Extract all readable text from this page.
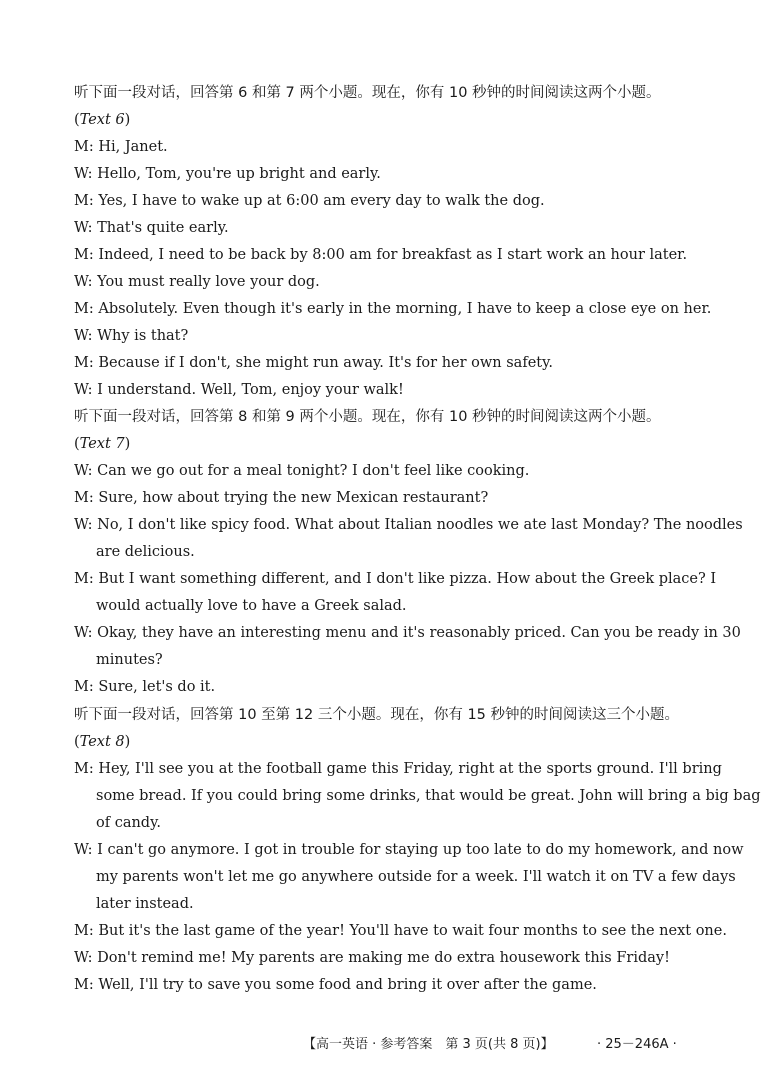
听下面一段对话，回答第 6 和第 7 两个小题。现在，你有 10 秒钟的时间阅读这两个小题。
(Text 6)
M: Hi, Janet.
W: Hello, Tom, you're up bright and early.
M: Yes, I have to wake up at 6:00 am every day to walk the dog.
W: That's quite early.
M: Indeed, I need to be back by 8:00 am for breakfast as I start work an hour later.
W: You must really love your dog.
M: Absolutely. Even though it's early in the morning, I have to keep a close eye on her.
W: Why is that?
M: Because if I don't, she might run away. It's for her own safety.
W: I understand. Well, Tom, enjoy your walk!
听下面一段对话，回答第 8 和第 9 两个小题。现在，你有 10 秒钟的时间阅读这两个小题。
(Text 7)
W: Can we go out for a meal tonight? I don't feel like cooking.
M: Sure, how about trying the new Mexican restaurant?
W: No, I don't like spicy food. What about Italian noodles we ate last Monday? The noodles
are delicious.
M: But I want something different, and I don't like pizza. How about the Greek place? I
would actually love to have a Greek salad.
W: Okay, they have an interesting menu and it's reasonably priced. Can you be ready in 30
minutes?
M: Sure, let's do it.
听下面一段对话，回答第 10 至第 12 三个小题。现在，你有 15 秒钟的时间阅读这三个小题。
(Text 8)
M: Hey, I'll see you at the football game this Friday, right at the sports ground. I'll bring
some bread. If you could bring some drinks, that would be great. John will bring a big bag
of candy.
W: I can't go anymore. I got in trouble for staying up too late to do my homework, and now
my parents won't let me go anywhere outside for a week. I'll watch it on TV a few days
later instead.
M: But it's the last game of the year! You'll have to wait four months to see the next one.
W: Don't remind me! My parents are making me do extra housework this Friday!
M: Well, I'll try to save you some food and bring it over after the game.
【高一英语 · 参考答案　第 3 页(共 8 页)】	· 25－246A ·
